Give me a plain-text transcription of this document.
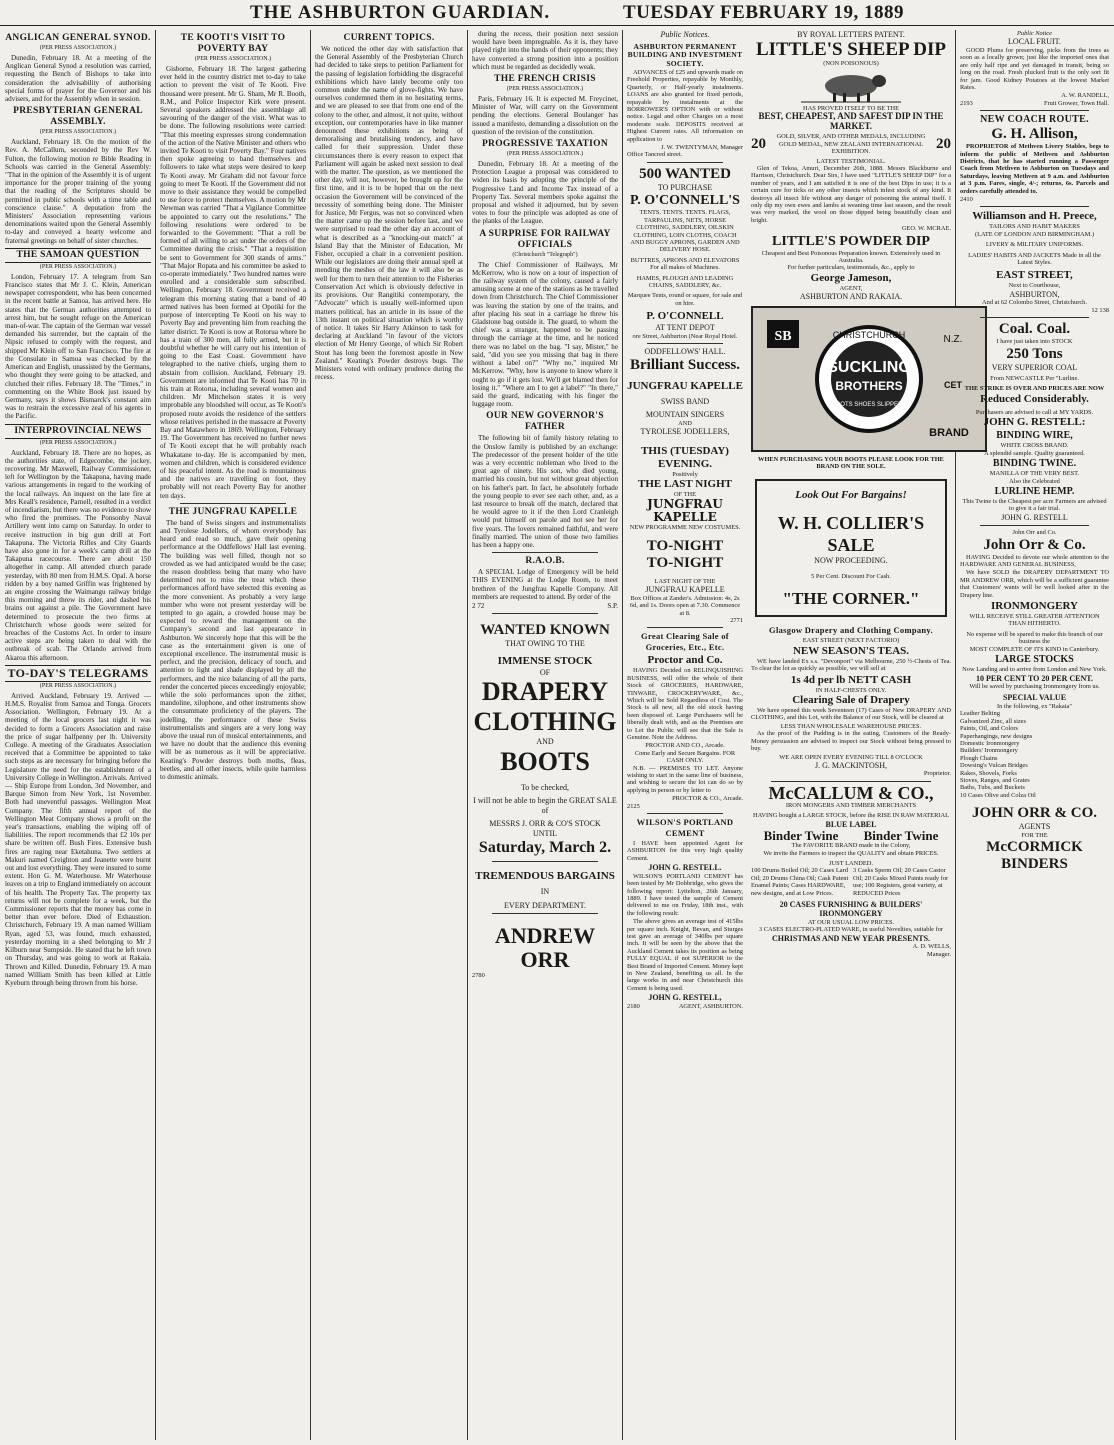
THE ASHBURTON GUARDIAN.	TUESDAY FEBRUARY 19, 1889
ANGLICAN GENERAL SYNOD.
(PER PRESS ASSOCIATION.)
Dunedin, February 18. At a meeting of the Anglican General Synod a resolution was carried, requesting the Bench of Bishops to take into consideration the advisability of authorising special forms of prayer for the Governor and his advisers, and for the Assembly when in session.
PRESBYTERIAN GENERAL ASSEMBLY.
(PER PRESS ASSOCIATION.)
Auckland, February 18. On the motion of the Rev. A. McCallum, seconded by the Rev W. Fulton, the following motion re Bible Reading in Schools was carried in the General Assembly: "That in the opinion of the Assembly it is of urgent importance for the proper training of the young that the reading of the Scriptures should be permitted in public schools with a time table and conscience clause." A deputation from the Ministers' Association representing various denominations waited upon the General Assembly to-day and conveyed a hearty welcome and fraternal greetings on behalf of sister churches.
THE SAMOAN QUESTION
(PER PRESS ASSOCIATION.)
London, February 17. A telegram from San Francisco states that Mr J. C. Klein, American newspaper correspondent, who has been concerned in the recent battle at Samoa, has arrived here. He states that the German authorities attempted to arrest him, but he sought refuge on the American man-of-war. The captain of the German war vessel demanded his surrender, but the captain of the Nipsic refused to comply with the request, and shipped Mr Klein off to San Francisco. The fire at the Consulate in Samoa was checked by the American and English, unassisted by the Germans, who thought they were going to be attacked, and clutched their rifles. February 18. The "Times," in commenting on the White Book just issued by Germany, says it shows Bismarck's constant aim was to restrain the excessive zeal of his agents in the Pacific.
INTERPROVINCIAL NEWS
(PER PRESS ASSOCIATION.)
Auckland, February 18. There are no hopes, as the authorities state, of Edgecombe, the jockey, recovering. Mr Maxwell, Railway Commissioner, left for Wellington by the Takapuna, having made various arrangements in regard to the working of the local railways. An inquest on the late fire at Mrs Keall's residence, Parnell, resulted in a verdict of incendiarism, but there was no evidence to show who fired the premises. The Ponsonby Naval Artillery went into camp on Saturday. In order to receive instruction in big gun drill at Fort Takapuna. The Victoria Rifles and City Guards have also gone in for a week's camp drill at the Takapuna racecourse. There are about 150 altogether in camp. All attended church parade yesterday, with 80 men from H.M.S. Opal. A horse ridden by a boy named Griffin was frightened by an engine crossing the Waimangu railway bridge this morning and threw its rider, and dashed his brains out against a pile. The Government have determined to prosecute the two firms at Christchurch whose goods were seized for breaches of the Customs Act. In order to insure active steps are being taken to deal with the outbreak of scab. The Orlando arrived from Akaroa this afternoon.
TO-DAY'S TELEGRAMS
(PER PRESS ASSOCIATION.)
Arrived. Auckland, February 19. Arrived — H.M.S. Royalist from Samoa and Tonga. Grocers Association. Wellington, February 19. At a meeting of the local grocers last night it was decided to form a Grocers Association and raise the price of sugar halfpenny per lb. University College. A meeting of the Graduates Association received that a Committee be appointed to take such steps as are necessary for bringing before the Legislature the need for the establishment of a University College in Wellington. Arrivals. Arrived — Ship Europe from London, 3rd November, and Barque Simon from New York, 1st November. Both had uneventful passages. Wellington Meat Company. The fifth annual report of the Wellington Meat Company shows a profit on the year's transactions, enabling the wiping off of liabilities. The report recommends that £2 10s per share be written off. Bush Fires. Extensive bush fires are raging near Eketahuna. Two settlers at Makuri named Creighton and Jeanette were burnt out and lost everything. They were insured to some extent. Hon G. M. Waterhouse. Mr Waterhouse leaves on a trip to England immediately on account of his health. The Property Tax. The property tax returns will not be complete for a week, but the Commissioner reports that the money has come in better than ever before. Died of Exhaustion. Christchurch, February 19. A man named William Ryan, aged 53, was found, much exhausted, yesterday morning in a shed belonging to Mr J Kilburn near Sumpside. He stated that he left town on Thursday, and was going to work at Rakaia. Thrown and Killed. Dunedin, February 19. A man named William Smith has been killed at Little Kyeburn through being thrown from his horse.
TE KOOTI'S VISIT TO POVERTY BAY
(PER PRESS ASSOCIATION.)
Gisborne, February 18. The largest gathering ever held in the country district met to-day to take action to prevent the visit of Te Kooti. Five thousand were present. Mr G. Sham, Mr R. Booth, R.M., and Police Inspector Kirk were present. Several speakers addressed the assemblage all savouring of the danger of the visit. What was to be done. The following resolutions were carried: "That this meeting expresses strong condemnation of the action of the Native Minister and others who invited Te Kooti to visit Poverty Bay." Four natives then spoke agreeing to band themselves and followers to take what steps were desired to keep Te Kooti away. Mr Graham did not favour force going to meet Te Kooti. If the Government did not move to their assistance they would be compelled to use force to protect themselves. A motion by Mr Newman was carried "That a Vigilance Committee be appointed to carry out the resolutions." The following resolutions were ordered to be forwarded to the Government: "That a roll be formed of all willing to act under the orders of the Committee during the crisis." "That a requisition be sent to Government for 300 stands of arms." "That Major Ropata and his committee be asked to co-operate immediately." Two hundred names were enrolled and a considerable sum subscribed. Wellington, February 18. Government received a telegram this morning stating that a band of 40 armed natives has been formed at Opotiki for the purpose of intercepting Te Kooti on his way to Poverty Bay and preventing him from reaching the latter district. Te Kooti is now at Rotorua where he has a train of 300 men, all fully armed, but it is doubtful whether he will carry out his intention of going to the East Coast. Government have telegraphed to the native chiefs, urging them to abstain from collision. Auckland, February 19. Government are informed that Te Kooti has 70 in his train at Rotorua, including several women and children. Mr Mitchelson states it is very improbable any bloodshed will occur, as Te Kooti's proposed route avoids the residence of the settlers whose relatives perished in the massacre at Poverty Bay and Matawhero in 1869. Wellington, February 19. The Government has received no further news of Te Kooti except that he will probably reach Whakatane to-day. He is accompanied by men, women and children, which is considered evidence of his peaceful intent. As the road is mountainous and the natives are travelling on foot, they probably will not reach Poverty Bay for another ten days.
THE JUNGFRAU KAPELLE
The band of Swiss singers and instrumentalists and Tyrolese Jodellers, of whom everybody has heard and read so much, gave their opening performance at the Oddfellows' Hall last evening. The building was well filled, though not so crowded as we had anticipated would be the case; the reason doubtless being that many who have determined not to miss the treat which these performances afford have selected this evening as the more convenient. As probably a very large number who were not present yesterday will be tempted to go again, a crowded house may be expected to reward the management on the Company's second and last appearance in Ashburton. We sincerely hope that this will be the case as the entertainment given is one of exceptional excellence. The instrumental music is perfect, and the precision, delicacy of touch, and attention to light and shade displayed by all the performers, and the nice balancing of all the parts, render the concerted pieces exceedingly enjoyable; while the solo performances upon the zither, mandoline, xilophone, and other instruments show the consummate proficiency of the players. The jodelling, the performance of these Swiss instrumentalists and singers are a very long way above the usual run of musical entertainments, and we have no doubt that the audience this evening will be as numerous as it will be appreciative. Keating's Powder destroys both moths, fleas, beetles, and all other insects, while quite harmless to domestic animals.
CURRENT TOPICS.
We noticed the other day with satisfaction that the General Assembly of the Presbyterian Church had decided to take steps to petition Parliament for the passing of legislation forbidding the disgraceful exhibitions which have lately become only too common under the name of glove-fights. We have ourselves condemned them in no hesitating terms, and we are pleased to see that from one end of the colony to the other, and almost, it not quite, without exception, our contemporaries have in like manner denounced these exhibitions as being of demoralising and brutalising tendency, and have called for their suppression. Under these circumstances there is every reason to expect that Parliament will again be asked next session to deal with the matter. The question, as we mentioned the other day, will not, however, be brought up for the first time, and it is to be hoped that on the next occasion the Government will be convinced of the necessity of something being done. The Minister for Justice, Mr Fergus, was not so convinced when the matter came up the session before last, and we were surprised to read the other day an account of what is described as a "knocking-out match" at Island Bay that the Minister of Education, Mr Fisher, occupied a chair in a convenient position. While our legislators are doing their annual spell at mending the meshes of the law it will also be as well for them to turn their attention to the Fisheries Conservation Act which is obviously defective in its provisions. Our Rangitiki contemporary, the "Advocate" which is usually well-informed upon matters political, has an article in its issue of the 13th instant on political situation which is worthy of notice. It takes Sir Harry Atkinson to task for declaring at Auckland "in favour of the victors election of Mr Henry George, of which Sir Robert Stout has long been the foremost apostle in New Zealand." Keating's Powder destroys bugs. The Ministers voted with ordinary prudence during the recess.
during the recess, their position next session would have been impregnable. As it is, they have played right into the hands of their opponents; they have converted a strong position into a position which must be regarded as decidedly weak.
THE FRENCH CRISIS
(PER PRESS ASSOCIATION.)
Paris, February 16. It is expected M. Freycinet, Minister of War, will carry on the Government pending the elections. General Boulanger has issued a manifesto, demanding a dissolution on the question of the revision of the constitution.
PROGRESSIVE TAXATION
(PER PRESS ASSOCIATION.)
Dunedin, February 18. At a meeting of the Protection League a proposal was considered to widen its basis by adopting the principle of the Progressive Land and Income Tax instead of a Property Tax. Several members spoke against the proposal and wished it adjourned, but by seven votes to four the principle was adopted as one of the planks of the League.
A SURPRISE FOR RAILWAY OFFICIALS
(Christchurch "Telegraph")
The Chief Commissioner of Railways, Mr McKerrow, who is now on a tour of inspection of the railway system of the colony, caused a fairly amusing scene at one of the stations as he travelled down from Christchurch. The Chief Commissioner was leaving the station by one of the trains, and after placing his seat in a carriage he threw his Gladstone bag outside it. The guard, to whom the chief was a stranger, happened to be passing through the carriage at the time, and he noticed there was no label on the bag. "I say, Mister," he said, "did you see you missing that bag in there without a label on?" "Why no," inquired Mr McKerrow. "Why, how is anyone to know where it ought to go if it gets lost. We'll get blamed then for losing it." "Where am I to get a label?" "In there," said the guard, indicating with his finger the luggage room.
OUR NEW GOVERNOR'S FATHER
The following bit of family history relating to the Onslow family is published by an exchange: The predecessor of the present holder of the title was a very eccentric nobleman who lived to the great age of ninety. His son, who died young, married his cousin, but not without great objection on his father's part. In fact, he absolutely forbade the young people to ever see each other, and, as a last resource to break off the match, declared that he would agree to it if the then Lord Cranleigh would put himself on parole and not see her for five years. The lovers remained faithful, and were finally married. The union of those two families has been a happy one.
R.A.O.B.
A SPECIAL Lodge of Emergency will be held THIS EVENING at the Lodge Room, to meet brethren of the Jungfrau Kapelle Company. All members are requested to attend. By order of the
2 72	S.P.
WANTED KNOWN
THAT OWING TO THE
IMMENSE STOCK
OF
DRAPERY
CLOTHING
AND
BOOTS
To be checked,
I will not be able to begin the GREAT SALE of
MESSRS J. ORR & CO'S STOCK
UNTIL
Saturday, March 2.
TREMENDOUS BARGAINS
IN
EVERY DEPARTMENT.
ANDREW ORR
2780
Public Notices.
ASHBURTON PERMANENT BUILDING AND INVESTMENT SOCIETY.
ADVANCES of £25 and upwards made on Freehold Properties, repayable by Monthly, Quarterly, or Half-yearly instalments. LOANS are also granted for fixed periods, repayable by instalments at the BORROWER'S OPTION with or without notice. Legal and other Charges on a most moderate scale. DEPOSITS received at Highest Current rates. All information on application to
J. W. TWENTYMAN, Manager
Office Tancred street.
500 WANTED
TO PURCHASE
P. O'CONNELL'S
TENTS. TENTS. TENTS. FLAGS, TARPAULINS, NETS, HORSE CLOTHING, SADDLERY, OILSKIN CLOTHING, LOIN CLOTHS, COACH AND BUGGY APRONS, GARDEN AND DELIVERY HOSE.
BUTTRES, APRONS AND ELEVATORS For all makes of Machines.
HAMES, PLOUGH AND LEADING CHAINS, SADDLERY, &c.
Marquee Tents, round or square, for sale and on hire.
P. O'CONNELL
AT TENT DEPOT
ore Street, Ashburton (Near Royal Hotel.
ODDFELLOWS' HALL.
Brilliant Success.
JUNGFRAU KAPELLE
SWISS BAND
MOUNTAIN SINGERS
AND
TYROLESE JODELLERS,
THIS (TUESDAY) EVENING.
Positively
THE LAST NIGHT
OF THE
JUNGFRAU KAPELLE
NEW PROGRAMME NEW COSTUMES.
TO-NIGHT
TO-NIGHT
LAST NIGHT OF THE
JUNGFRAU KAPELLE
Box Offices at Zander's. Admission: 4s, 2s 6d, and 1s. Doors open at 7.30. Commence at 8.
2771
Great Clearing Sale of Groceries, Etc., Etc.
Proctor and Co.
HAVING Decided on RELINQUISHING BUSINESS, will offer the whole of their Stock of GROCERIES, HARDWARE, TINWARE, CROCKERYWARE, &c., Which will be Sold Regardless of Cost. The Stock is all new, all the old stock having been disposed of. Large Purchasers will be liberally dealt with, and as the Premises are to Let the Public will see that the Sale is Genuine. Note the Address.
PROCTOR AND CO., Arcade.
Come Early and Secure Bargains. FOR CASH ONLY.
N.B. — PREMISES TO LET. Anyone wishing to start in the same line of business, and wishing to secure the lot can do so by applying in person or by letter to
PROCTOR & CO., Arcade.
2125
WILSON'S PORTLAND CEMENT
I HAVE been appointed Agent for ASHBURTON for this very high quality Cement.
JOHN G. RESTELL.
WILSON'S PORTLAND CEMENT has been tested by Mr Dobbridge, who gives the following report: Lyttelton, 26th January, 1889. I have tested the sample of Cement delivered to me on Friday, 18th inst., with the following result:
The above gives an average test of 415lbs per square inch. Knight, Bevan, and Sturges test gave an average of 340lbs per square inch. It will be seen by the above that the Auckland Cement takes its position as being FULLY EQUAL if not SUPERIOR to the Best Brand of Imported Cement. Money kept in New Zealand, benefiting us all. In the large works in and near Christchurch this Cement is being used.
JOHN G. RESTELL,
2180	AGENT, ASHBURTON.
BY ROYAL LETTERS PATENT.
LITTLE'S SHEEP DIP
(NON POISONOUS)
HAS PROVED ITSELF TO BE THE
BEST, CHEAPEST, AND SAFEST DIP IN THE MARKET.
20	GOLD, SILVER, AND OTHER MEDALS, INCLUDING GOLD MEDAL, NEW ZEALAND INTERNATIONAL EXHIBITION.	20
LATEST TESTIMONIAL.
Glen of Tekoa, Amuri, December 26th, 1888. Messrs Blackburne and Harrison, Christchurch. Dear Sirs, I have used "LITTLE'S SHEEP DIP" for a number of years, and I am satisfied it is one of the best Dips in use; it is a certain cure for ticks or any other insects which infest stock of any kind. It destroys all insect life without any danger of poisoning the animal itself. I only dip my own ewes and lambs at weaning time last season, and the result was very marked, the wool on those dipped being beautifully clean and bright.
GEO. W. MCRAE.
LITTLE'S POWDER DIP
Cheapest and Best Poisonous Preparation known. Extensively used in Australia.
For further particulars, testimonials, &c., apply to
George Jameson,
AGENT,
ASHBURTON AND RAKAIA.
SB	CHRISTCHURCH
SUCKLING
BROTHERS
BOOTS SHOES SLIPPERS
N.Z.
CET
BRAND
WHEN PURCHASING YOUR BOOTS PLEASE LOOK FOR THE BRAND ON THE SOLE.
Look Out For Bargains!
W. H. COLLIER'S SALE
NOW PROCEEDING.
5 Per Cent. Discount For Cash.
"THE CORNER."
Glasgow Drapery and Clothing Company.
EAST STREET (NEXT FACTORIO)
NEW SEASON'S TEAS.
WE have landed Ex s.s. "Devonport" via Melbourne, 250 ½-Chests of Tea. To clear the lot as quickly as possible, we will sell at
1s 4d per lb NETT CASH
IN HALF-CHESTS ONLY.
Clearing Sale of Drapery
We have opened this week Seventeen (17) Cases of New DRAPERY AND CLOTHING, and this Lot, with the Balance of our Stock, will be cleared at
LESS THAN WHOLESALE WAREHOUSE PRICES.
As the proof of the Pudding is in the eating, Customers of the Ready-Money persuasion are advised to inspect our Stock without being pressed to buy.
WE ARE OPEN EVERY EVENING TILL 8 O'CLOCK
J. G. MACKINTOSH,
Proprietor.
McCALLUM & CO.,
IRON MONGERS AND TIMBER MERCHANTS
HAVING bought a LARGE STOCK, before the RISE IN RAW MATERIAL
BLUE LABEL
Binder Twine Binder Twine
The FAVORITE BRAND made in the Colony,
We invite the Farmers to inspect the QUALITY and obtain PRICES.
JUST LANDED.
100 Drums Boiled Oil; 20 Cases Lard Oil; 20 Drums China Oil; Cask Patent Enamel Paints; Cases HARDWARE, new designs, and at Low Prices.
3 Casks Sperm Oil; 20 Cases Castor Oil; 20 Casks Mixed Paints ready for use; 100 Registers, great variety, at REDUCED Prices
20 CASES FURNISHING & BUILDERS' IRONMONGERY
AT OUR USUAL LOW PRICES.
3 CASES ELECTRO-PLATED WARE, in useful Novelties, suitable for
CHRISTMAS AND NEW YEAR PRESENTS.
A. D. WELLS,
Manager.
Public Notice
LOCAL FRUIT.
GOOD Plums for preserving, picks from the trees as soon as a locally grown; just like the imported ones that are only half ripe and yet damaged in transit, being so long on the road. Fresh plucked fruit is the only sort fit for jam. Good Kidney Potatoes at the lowest Market Rates.
A. W. RANDELL,
2193	Fruit Grower, Town Hall.
NEW COACH ROUTE.
G. H. Allison,
PROPRIETOR of Methven Livery Stables, begs to inform the public of Methven and Ashburton Districts, that he has started running a Passenger Coach from Methven to Ashburton on Tuesdays and Saturdays, leaving Methven at 9 a.m. and Ashburton at 3 p.m. Fares, single, 4/-; returns, 6s. Parcels and orders carefully attended to.
2410
Williamson and H. Preece,
TAILORS AND HABIT MAKERS
(LATE OF LONDON AND BIRMINGHAM.)
LIVERY & MILITARY UNIFORMS.
LADIES' HABITS AND JACKETS Made in all the Latest Styles.
EAST STREET,
Next to Courthouse,
ASHBURTON,
And at 62 Colombo Street, Christchurch.
12 138
Coal. Coal.
I have just taken into STOCK
250 Tons
VERY SUPERIOR COAL
From NEWCASTLE Per "Lurline.
THE STRIKE IS OVER AND PRICES ARE NOW
Reduced Considerably.
Purchasers are advised to call at MY YARDS.
JOHN G. RESTELL:
BINDING WIRE,
WHITE CROSS BRAND.
A splendid sample. Quality guaranteed.
BINDING TWINE.
MANILLA OF THE VERY BEST.
Also the Celebrated
LURLINE HEMP.
This Twine is the Cheapest per acre Farmers are advised to give it a fair trial.
JOHN G. RESTELL
John Orr and Co.
John Orr & Co.
HAVING Decided to devote our whole attention to the HARDWARE AND GENERAL BUSINESS,
We have SOLD the DRAPERY DEPARTMENT TO MR ANDREW ORR, which will be a sufficient guarantee that Customers' wants will be well looked after in the Drapery line.
IRONMONGERY
WILL RECEIVE STILL GREATER ATTENTION THAN HITHERTO.
No expense will be spared to make this branch of our business the
MOST COMPLETE OF ITS KIND in Canterbury.
LARGE STOCKS
Now Landing and to arrive from London and New York.
10 PER CENT TO 20 PER CENT.
Will be saved by purchasing Ironmongery from us.
SPECIAL VALUE
In the following, ex "Rakaia"
Leather Belting
Galvanized Zinc, all sizes
Paints, Oil, and Colors
Paperhangings, new designs
Domestic Ironmongery
Builders' Ironmongery
Plough Chains
Dowsing's Vulcan Bridges
Rakes, Shovels, Forks
Stoves, Ranges, and Grates
Baths, Tubs, and Buckets
10 Cases Olive and Colza Oil
JOHN ORR & CO.
AGENTS
FOR THE
McCORMICK
BINDERS
